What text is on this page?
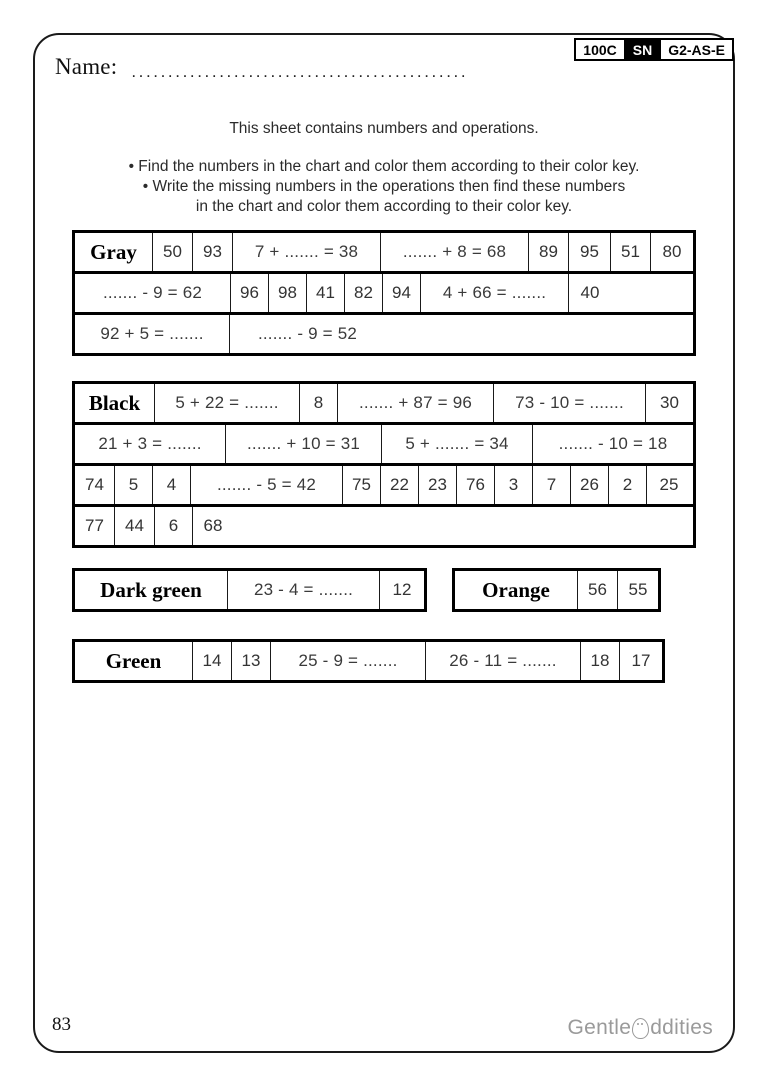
Name: ..............................................
100C	SN	G2-AS-E
This sheet contains numbers and operations.
• Find the numbers in the chart and color them according to their color key.
• Write the missing numbers in the operations then find these numbers
in the chart and color them according to their color key.
Gray	50	93	7 + ....... = 38	....... + 8 = 68	89	95	51	80
....... - 9 = 62	96	98	41	82	94	4 + 66 = .......	40
92 + 5 = .......	....... - 9 = 52
Black	5 + 22 = .......	8	....... + 87 = 96	73 - 10 = .......	30
21 + 3 = .......	....... + 10 = 31	5 + ....... = 34	....... - 10 = 18
74	5	4	....... - 5 = 42	75	22	23	76	3	7	26	2	25
77	44	6	68
Dark green	23 - 4 = .......	12	Orange	56	55
Green	14	13	25 - 9 = .......	26 - 11 = .......	18	17
83	Gentle ddities
